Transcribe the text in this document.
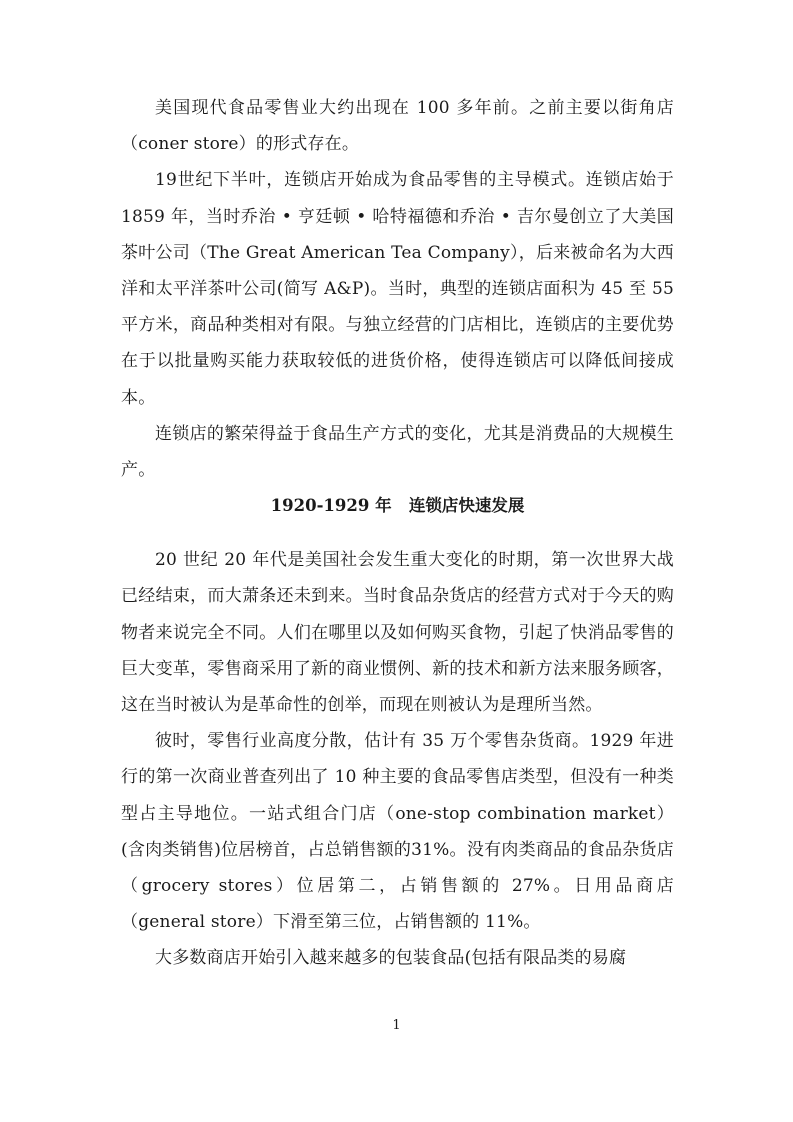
美国现代食品零售业大约出现在 100 多年前。之前主要以街角店（coner store）的形式存在。

19世纪下半叶，连锁店开始成为食品零售的主导模式。连锁店始于 1859 年，当时乔治 • 亨廷顿 • 哈特福德和乔治 • 吉尔曼创立了大美国茶叶公司（The Great American Tea Company），后来被命名为大西洋和太平洋茶叶公司(简写 A&P)。当时，典型的连锁店面积为 45 至 55 平方米，商品种类相对有限。与独立经营的门店相比，连锁店的主要优势在于以批量购买能力获取较低的进货价格，使得连锁店可以降低间接成本。

连锁店的繁荣得益于食品生产方式的变化，尤其是消费品的大规模生产。

1920-1929 年   连锁店快速发展

20 世纪 20 年代是美国社会发生重大变化的时期，第一次世界大战已经结束，而大萧条还未到来。当时食品杂货店的经营方式对于今天的购物者来说完全不同。人们在哪里以及如何购买食物，引起了快消品零售的巨大变革，零售商采用了新的商业惯例、新的技术和新方法来服务顾客，这在当时被认为是革命性的创举，而现在则被认为是理所当然。

彼时，零售行业高度分散，估计有 35 万个零售杂货商。1929 年进行的第一次商业普查列出了 10 种主要的食品零售店类型，但没有一种类型占主导地位。一站式组合门店（one-stop combination market）(含肉类销售)位居榜首，占总销售额的31%。没有肉类商品的食品杂货店（grocery stores）位居第二，占销售额的 27%。日用品商店（general store）下滑至第三位，占销售额的 11%。

大多数商店开始引入越来越多的包装食品(包括有限品类的易腐

1
